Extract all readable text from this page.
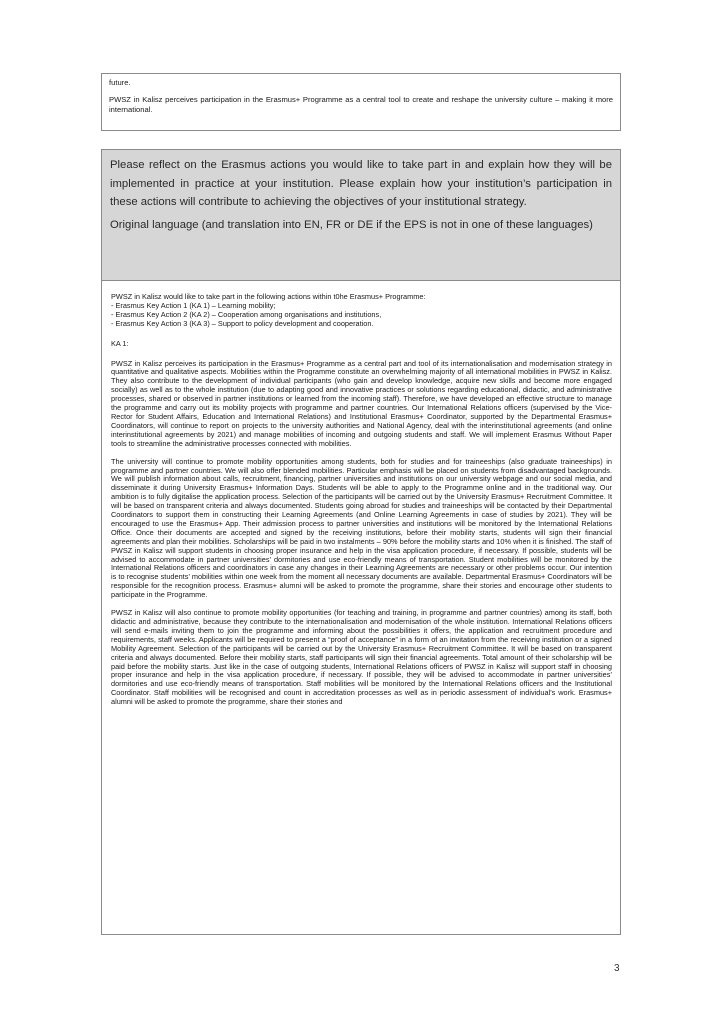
future.

PWSZ in Kalisz perceives participation in the Erasmus+ Programme as a central tool to create and reshape the university culture – making it more international.

Please reflect on the Erasmus actions you would like to take part in and explain how they will be implemented in practice at your institution. Please explain how your institution’s participation in these actions will contribute to achieving the objectives of your institutional strategy.

Original language (and translation into EN, FR or DE if the EPS is not in one of these languages)

PWSZ in Kalisz would like to take part in the following actions within t0he Erasmus+ Programme:

- Erasmus Key Action 1 (KA 1) – Learning mobility;

- Erasmus Key Action 2 (KA 2) – Cooperation among organisations and institutions,

- Erasmus Key Action 3 (KA 3) – Support to policy development and cooperation.

KA 1:

PWSZ in Kalisz perceives its participation in the Erasmus+ Programme as a central part and tool of its internationalisation and modernisation strategy in quantitative and qualitative aspects. Mobilities within the Programme constitute an overwhelming majority of all international mobilities in PWSZ in Kalisz. They also contribute to the development of individual participants (who gain and develop knowledge, acquire new skills and become more engaged socially) as well as to the whole institution (due to adapting good and innovative practices or solutions regarding educational, didactic, and administrative processes, shared or observed in partner institutions or learned from the incoming staff). Therefore, we have developed an effective structure to manage the programme and carry out its mobility projects with programme and partner countries. Our International Relations officers (supervised by the Vice-Rector for Student Affairs, Education and International Relations) and Institutional Erasmus+ Coordinator, supported by the Departmental Erasmus+ Coordinators, will continue to report on projects to the university authorities and National Agency, deal with the interinstitutional agreements (and online interinstitutional agreements by 2021) and manage mobilities of incoming and outgoing students and staff. We will implement Erasmus Without Paper tools to streamline the administrative processes connected with mobilities.

The university will continue to promote mobility opportunities among students, both for studies and for traineeships (also graduate traineeships) in programme and partner countries. We will also offer blended mobilities. Particular emphasis will be placed on students from disadvantaged backgrounds. We will publish information about calls, recruitment, financing, partner universities and institutions on our university webpage and our social media, and disseminate it during University Erasmus+ Information Days. Students will be able to apply to the Programme online and in the traditional way. Our ambition is to fully digitalise the application process. Selection of the participants will be carried out by the University Erasmus+ Recruitment Committee. It will be based on transparent criteria and always documented. Students going abroad for studies and traineeships will be contacted by their Departmental Coordinators to support them in constructing their Learning Agreements (and Online Learning Agreements in case of studies by 2021). They will be encouraged to use the Erasmus+ App. Their admission process to partner universities and institutions will be monitored by the International Relations Office. Once their documents are accepted and signed by the receiving institutions, before their mobility starts, students will sign their financial agreements and plan their mobilities. Scholarships will be paid in two instalments – 90% before the mobility starts and 10% when it is finished. The staff of PWSZ in Kalisz will support students in choosing proper insurance and help in the visa application procedure, if necessary. If possible, students will be advised to accommodate in partner universities’ dormitories and use eco-friendly means of transportation. Student mobilities will be monitored by the International Relations officers and coordinators in case any changes in their Learning Agreements are necessary or other problems occur. Our intention is to recognise students’ mobilities within one week from the moment all necessary documents are available. Departmental Erasmus+ Coordinators will be responsible for the recognition process. Erasmus+ alumni will be asked to promote the programme, share their stories and encourage other students to participate in the Programme.

PWSZ in Kalisz will also continue to promote mobility opportunities (for teaching and training, in programme and partner countries) among its staff, both didactic and administrative, because they contribute to the internationalisation and modernisation of the whole institution. International Relations officers will send e-mails inviting them to join the programme and informing about the possibilities it offers, the application and recruitment procedure and requirements, staff weeks. Applicants will be required to present a “proof of acceptance” in a form of an invitation from the receiving institution or a signed Mobility Agreement. Selection of the participants will be carried out by the University Erasmus+ Recruitment Committee. It will be based on transparent criteria and always documented. Before their mobility starts, staff participants will sign their financial agreements. Total amount of their scholarship will be paid before the mobility starts. Just like in the case of outgoing students, International Relations officers of PWSZ in Kalisz will support staff in choosing proper insurance and help in the visa application procedure, if necessary. If possible, they will be advised to accommodate in partner universities’ dormitories and use eco-friendly means of transportation. Staff mobilities will be monitored by the International Relations officers and the Institutional Coordinator. Staff mobilities will be recognised and count in accreditation processes as well as in periodic assessment of individual’s work. Erasmus+ alumni will be asked to promote the programme, share their stories and

3
